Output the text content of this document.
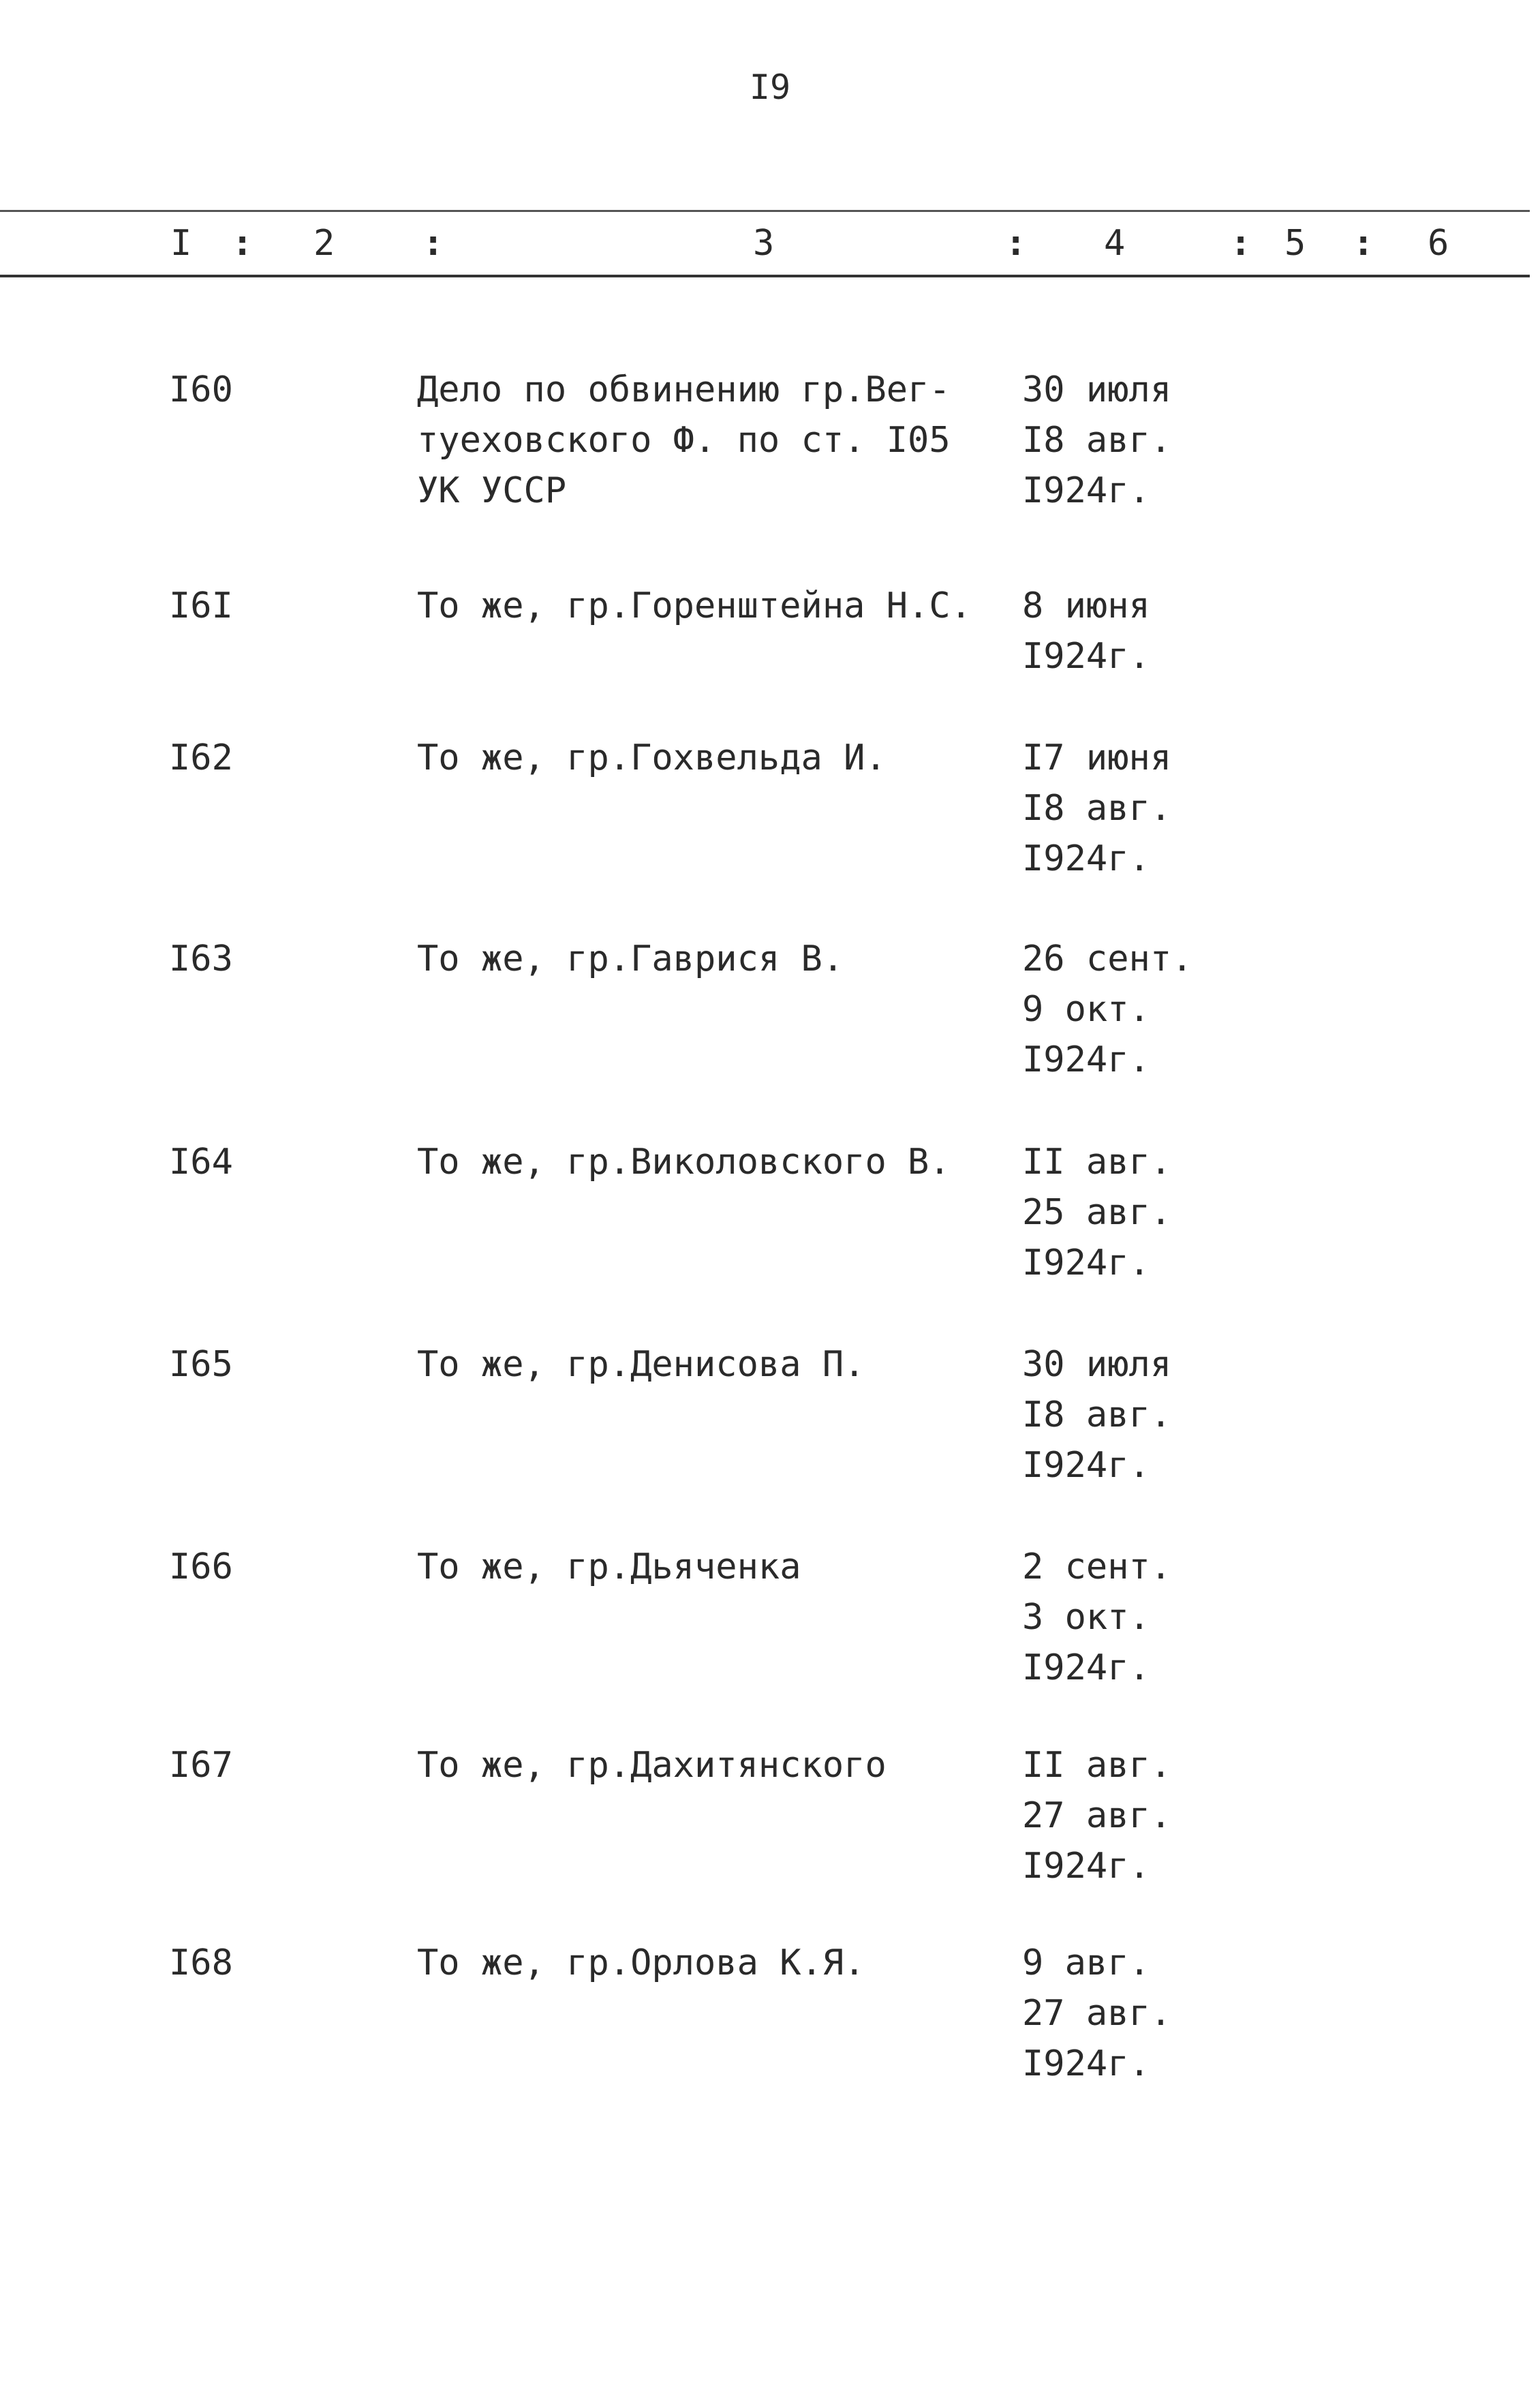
I9
I : 2 :	3	: 4	: 5 : 6
I60	Дело по обвинению гр.Вег-
туеховского Ф. по ст. I05
УК УССР
30 июля
I8 авг.
I924г.
I6I	То же, гр.Горенштейна Н.С. 8 июня
I924г.
I62	То же, гр.Гохвельда И.	I7 июня
I8 авг.
I924г.
I63	То же, гр.Гаврися В.	26 сент.
9 окт.
I924г.
I64	То же, гр.Виколовского В.	II авг.
25 авг.
I924г.
I65	То же, гр.Денисова П.	30 июля
I8 авг.
I924г.
I66	То же, гр.Дьяченка	2 сент.
3 окт.
I924г.
I67	То же, гр.Дахитянского	II авг.
27 авг.
I924г.
I68	То же, гр.Орлова К.Я.	9 авг.
27 авг.
I924г.
